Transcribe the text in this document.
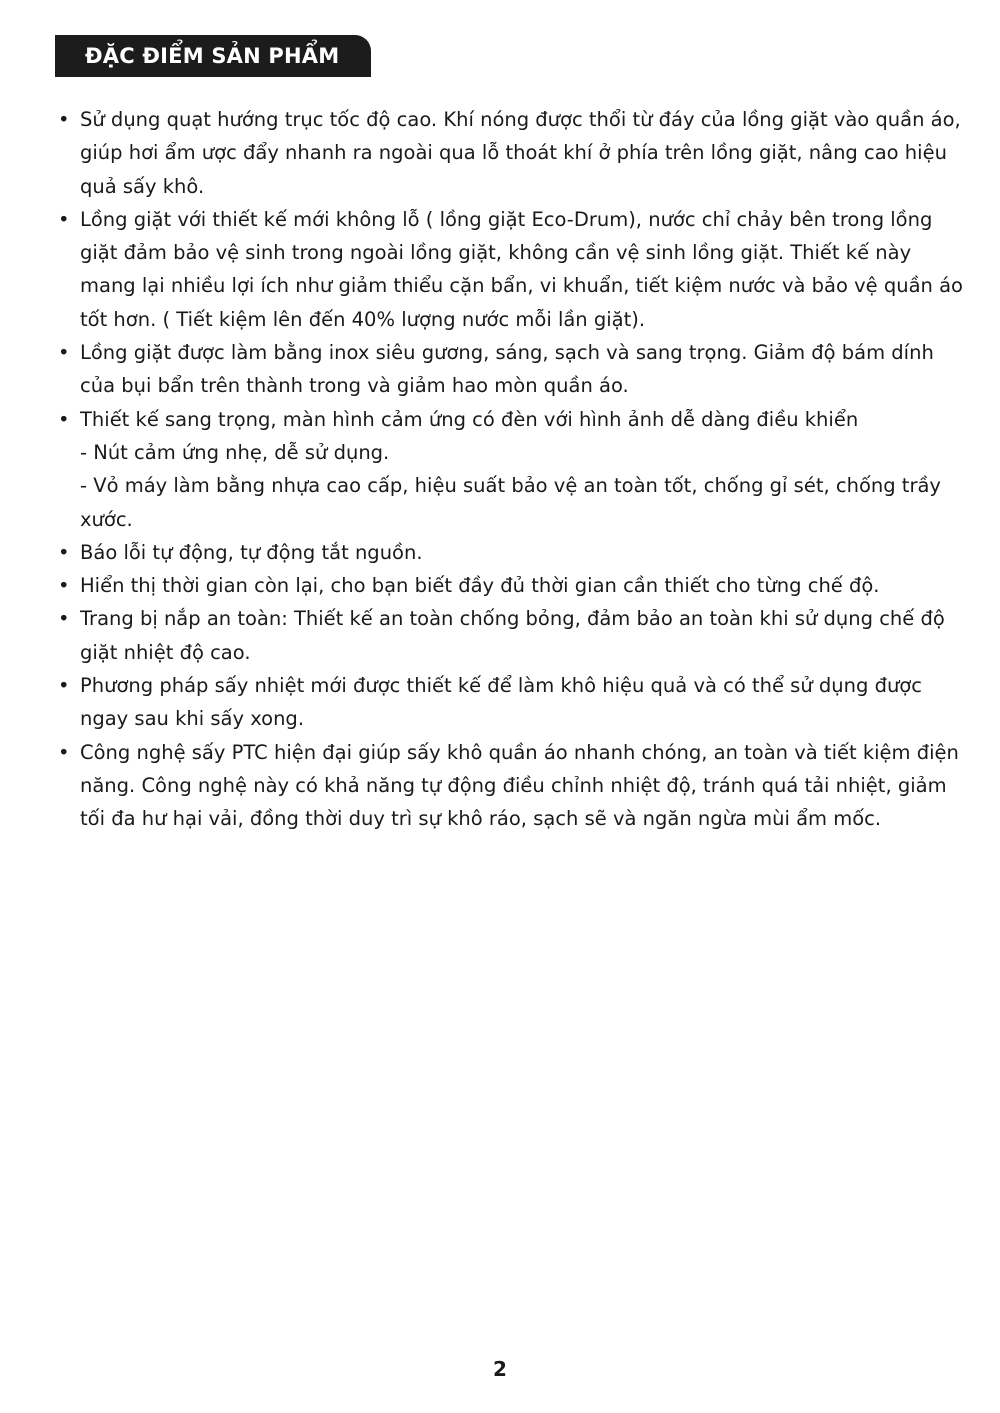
ĐẶC ĐIỂM SẢN PHẨM
• Sử dụng quạt hướng trục tốc độ cao. Khí nóng được thổi từ đáy của lồng giặt vào quần áo, giúp hơi ẩm ược đẩy nhanh ra ngoài qua lỗ thoát khí ở phía trên lồng giặt, nâng cao hiệu quả sấy khô.
• Lồng giặt với thiết kế mới không lỗ ( lồng giặt Eco-Drum), nước chỉ chảy bên trong lồng giặt đảm bảo vệ sinh trong ngoài lồng giặt, không cần vệ sinh lồng giặt. Thiết kế này mang lại nhiều lợi ích như giảm thiểu cặn bẩn, vi khuẩn, tiết kiệm nước và bảo vệ quần áo tốt hơn. ( Tiết kiệm lên đến 40% lượng nước mỗi lần giặt).
• Lồng giặt được làm bằng inox siêu gương, sáng, sạch và sang trọng. Giảm độ bám dính của bụi bẩn trên thành trong và giảm hao mòn quần áo.
• Thiết kế sang trọng, màn hình cảm ứng có đèn với hình ảnh dễ dàng điều khiển
- Nút cảm ứng nhẹ, dễ sử dụng.
- Vỏ máy làm bằng nhựa cao cấp, hiệu suất bảo vệ an toàn tốt, chống gỉ sét, chống trầy xước.
• Báo lỗi tự động, tự động tắt nguồn.
• Hiển thị thời gian còn lại, cho bạn biết đầy đủ thời gian cần thiết cho từng chế độ.
• Trang bị nắp an toàn: Thiết kế an toàn chống bỏng, đảm bảo an toàn khi sử dụng chế độ giặt nhiệt độ cao.
• Phương pháp sấy nhiệt mới được thiết kế để làm khô hiệu quả và có thể sử dụng được ngay sau khi sấy xong.
• Công nghệ sấy PTC hiện đại giúp sấy khô quần áo nhanh chóng, an toàn và tiết kiệm điện năng. Công nghệ này có khả năng tự động điều chỉnh nhiệt độ, tránh quá tải nhiệt, giảm tối đa hư hại vải, đồng thời duy trì sự khô ráo, sạch sẽ và ngăn ngừa mùi ẩm mốc.
2
